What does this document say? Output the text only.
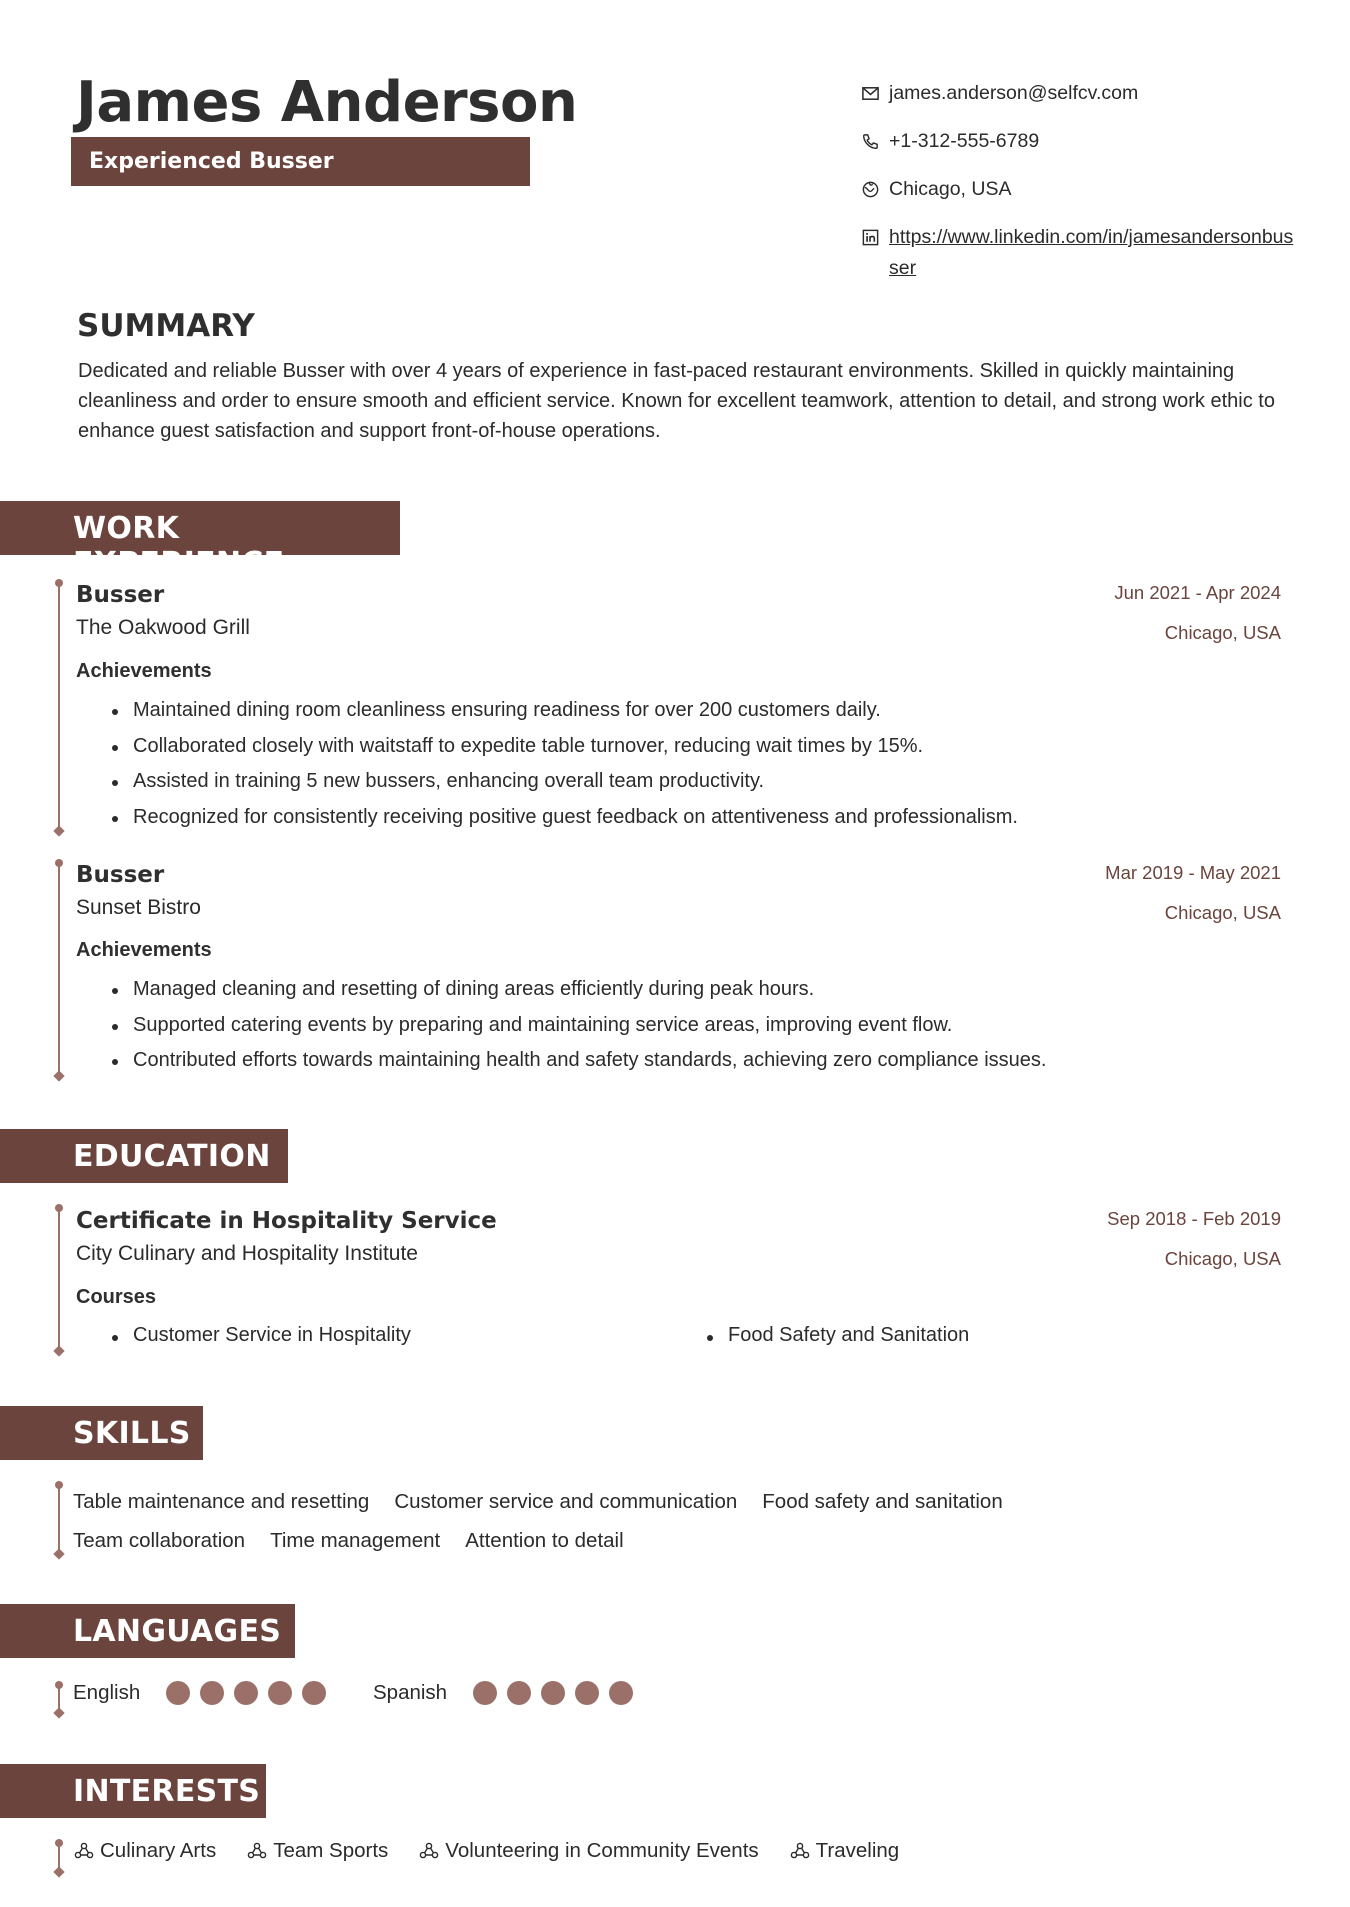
James Anderson
Experienced Busser
james.anderson@selfcv.com
+1-312-555-6789
Chicago, USA
https://www.linkedin.com/in/jamesandersonbusser
SUMMARY
Dedicated and reliable Busser with over 4 years of experience in fast-paced restaurant environments. Skilled in quickly maintaining cleanliness and order to ensure smooth and efficient service. Known for excellent teamwork, attention to detail, and strong work ethic to enhance guest satisfaction and support front-of-house operations.
WORK EXPERIENCE
Busser	Jun 2021 - Apr 2024
The Oakwood Grill	Chicago, USA
Achievements
Maintained dining room cleanliness ensuring readiness for over 200 customers daily.
Collaborated closely with waitstaff to expedite table turnover, reducing wait times by 15%.
Assisted in training 5 new bussers, enhancing overall team productivity.
Recognized for consistently receiving positive guest feedback on attentiveness and professionalism.
Busser	Mar 2019 - May 2021
Sunset Bistro	Chicago, USA
Achievements
Managed cleaning and resetting of dining areas efficiently during peak hours.
Supported catering events by preparing and maintaining service areas, improving event flow.
Contributed efforts towards maintaining health and safety standards, achieving zero compliance issues.
EDUCATION
Certificate in Hospitality Service	Sep 2018 - Feb 2019
City Culinary and Hospitality Institute	Chicago, USA
Courses
Customer Service in Hospitality	Food Safety and Sanitation
SKILLS
Table maintenance and resetting Customer service and communication Food safety and sanitation
Team collaboration Time management Attention to detail
LANGUAGES
English	Spanish
INTERESTS
Culinary Arts	Team Sports	Volunteering in Community Events	Traveling
